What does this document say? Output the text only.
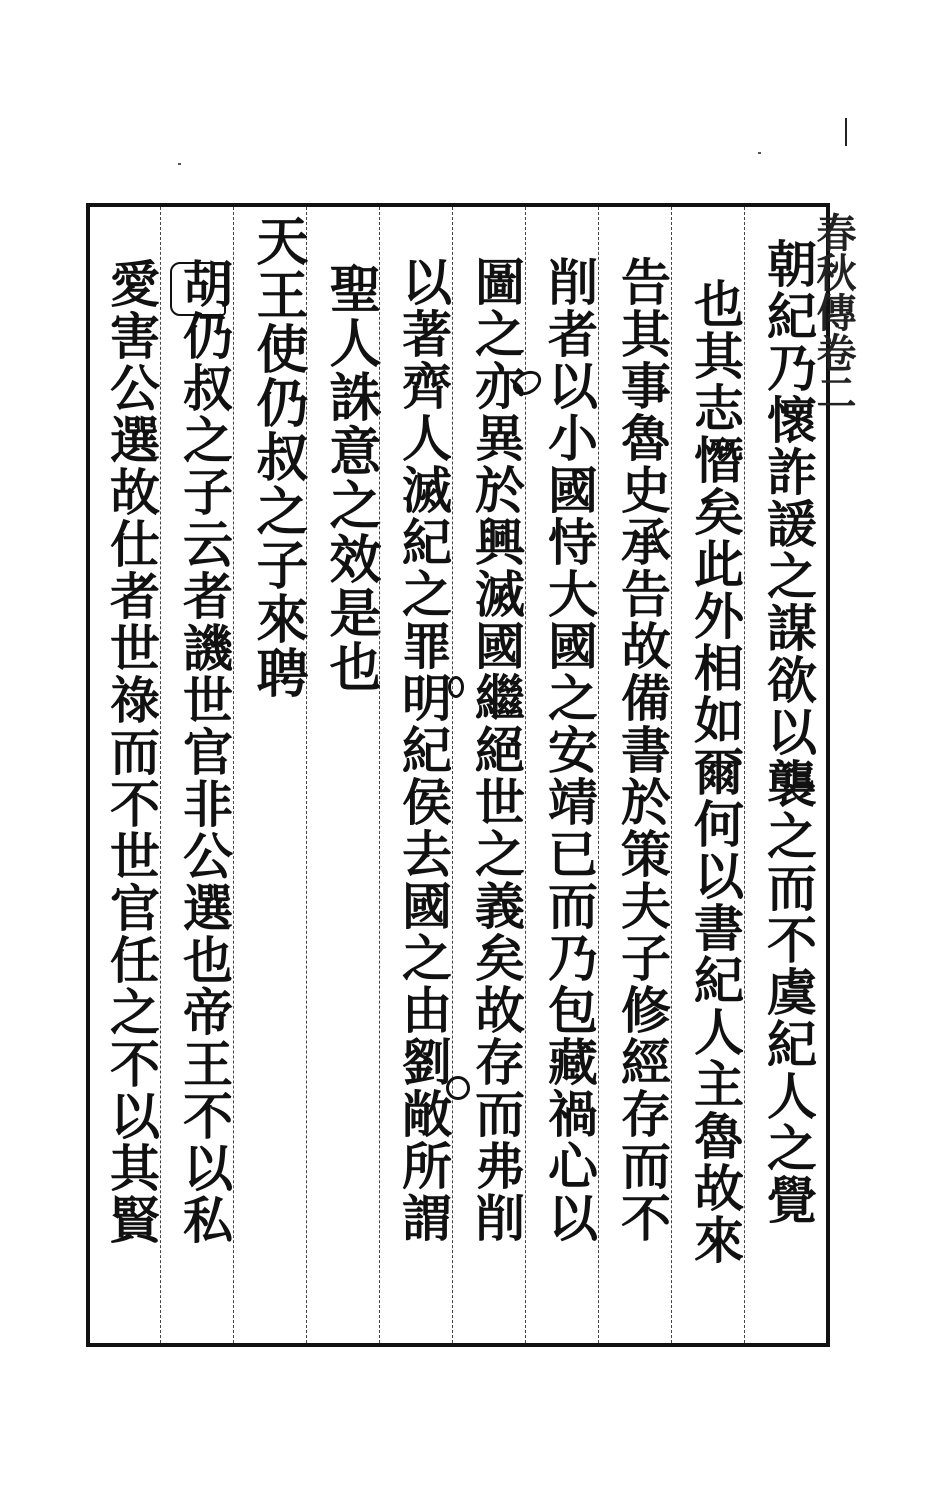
春秋傳卷二
朝紀乃懷詐諼之謀欲以襲之而不虞紀人之覺
也其志憯矣此外相如爾何以書紀人主魯故來
告其事魯史承告故備書於策夫子修經存而不
削者以小國恃大國之安靖已而乃包藏禍心以
圖之亦異於興滅國繼絕世之義矣故存而弗削
以著齊人滅紀之罪明紀侯去國之由劉敞所謂
聖人誅意之效是也
天王使仍叔之子來聘
胡仍叔之子云者譏世官非公選也帝王不以私
愛害公選故仕者世祿而不世官任之不以其賢
